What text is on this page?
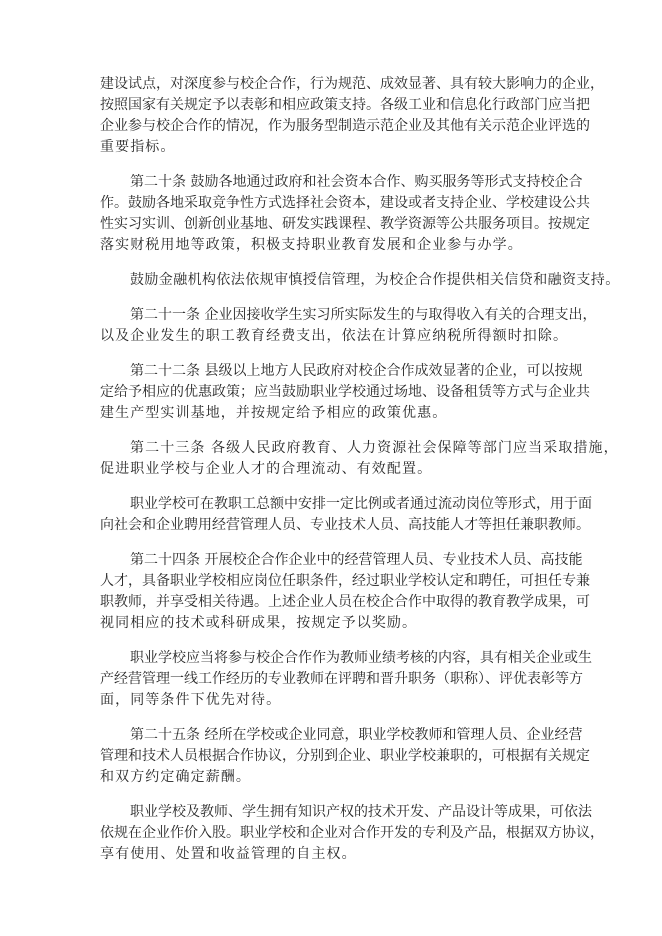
建设试点，对深度参与校企合作，行为规范、成效显著、具有较大影响力的企业，
按照国家有关规定予以表彰和相应政策支持。各级工业和信息化行政部门应当把
企业参与校企合作的情况，作为服务型制造示范企业及其他有关示范企业评选的
重要指标。
第二十条 鼓励各地通过政府和社会资本合作、购买服务等形式支持校企合
作。鼓励各地采取竞争性方式选择社会资本，建设或者支持企业、学校建设公共
性实习实训、创新创业基地、研发实践课程、教学资源等公共服务项目。按规定
落实财税用地等政策，积极支持职业教育发展和企业参与办学。
鼓励金融机构依法依规审慎授信管理，为校企合作提供相关信贷和融资支持。
第二十一条 企业因接收学生实习所实际发生的与取得收入有关的合理支出，
以及企业发生的职工教育经费支出，依法在计算应纳税所得额时扣除。
第二十二条 县级以上地方人民政府对校企合作成效显著的企业，可以按规
定给予相应的优惠政策；应当鼓励职业学校通过场地、设备租赁等方式与企业共
建生产型实训基地，并按规定给予相应的政策优惠。
第二十三条 各级人民政府教育、人力资源社会保障等部门应当采取措施，
促进职业学校与企业人才的合理流动、有效配置。
职业学校可在教职工总额中安排一定比例或者通过流动岗位等形式，用于面
向社会和企业聘用经营管理人员、专业技术人员、高技能人才等担任兼职教师。
第二十四条 开展校企合作企业中的经营管理人员、专业技术人员、高技能
人才，具备职业学校相应岗位任职条件，经过职业学校认定和聘任，可担任专兼
职教师，并享受相关待遇。上述企业人员在校企合作中取得的教育教学成果，可
视同相应的技术或科研成果，按规定予以奖励。
职业学校应当将参与校企合作作为教师业绩考核的内容，具有相关企业或生
产经营管理一线工作经历的专业教师在评聘和晋升职务（职称）、评优表彰等方
面，同等条件下优先对待。
第二十五条 经所在学校或企业同意，职业学校教师和管理人员、企业经营
管理和技术人员根据合作协议，分别到企业、职业学校兼职的，可根据有关规定
和双方约定确定薪酬。
职业学校及教师、学生拥有知识产权的技术开发、产品设计等成果，可依法
依规在企业作价入股。职业学校和企业对合作开发的专利及产品，根据双方协议，
享有使用、处置和收益管理的自主权。
